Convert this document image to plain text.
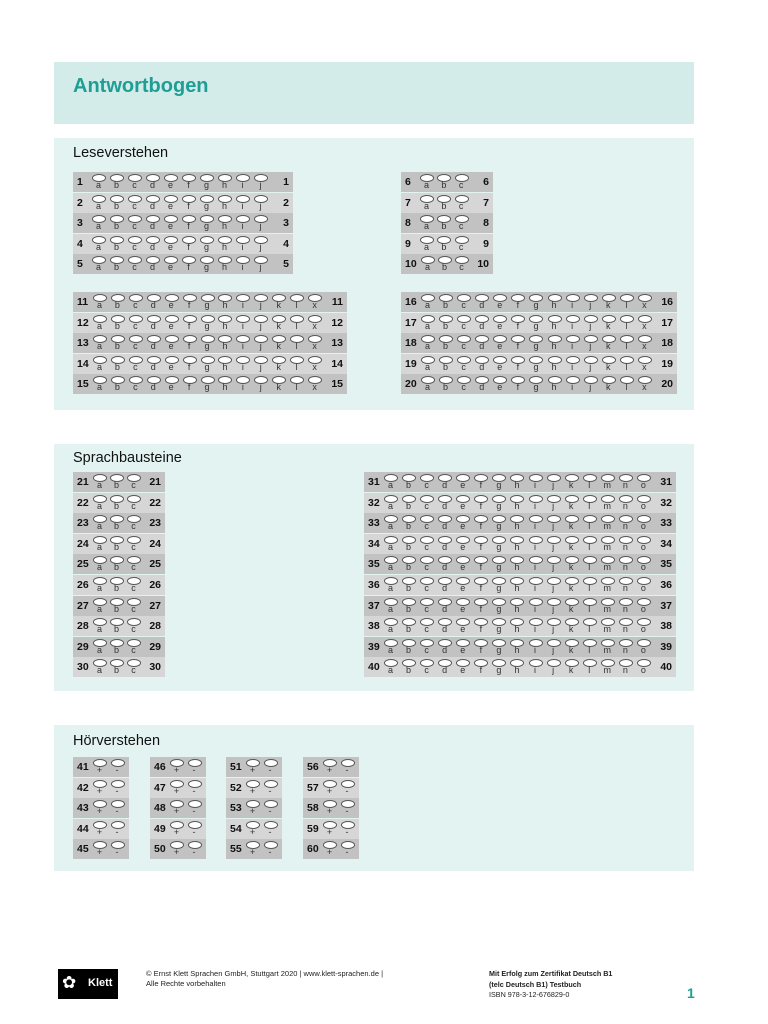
Antwortbogen
Leseverstehen
1	a	b	c	d	e	f	g	h	i	j	1
2	a	b	c	d	e	f	g	h	i	j	2
3	a	b	c	d	e	f	g	h	i	j	3
4	a	b	c	d	e	f	g	h	i	j	4
5	a	b	c	d	e	f	g	h	i	j	5
6	a	b	c	6
7	a	b	c	7
8	a	b	c	8
9	a	b	c	9
10 a	b	c	10
11 a	b	c	d	e	f	g	h	i	j	k	l	x	11
12 a	b	c	d	e	f	g	h	i	j	k	l	x	12
13 a	b	c	d	e	f	g	h	i	j	k	l	x	13
14 a	b	c	d	e	f	g	h	i	j	k	l	x	14
15 a	b	c	d	e	f	g	h	i	j	k	l	x	15
16 a	b	c	d	e	f	g	h	i	j	k	l	x	16
17 a	b	c	d	e	f	g	h	i	j	k	l	x	17
18 a	b	c	d	e	f	g	h	i	j	k	l	x	18
19 a	b	c	d	e	f	g	h	i	j	k	l	x	19
20 a	b	c	d	e	f	g	h	i	j	k	l	x	20
Sprachbausteine
21 a	b	c	21
22 a	b	c	22
23 a	b	c	23
24 a	b	c	24
25 a	b	c	25
26 a	b	c	26
27 a	b	c	27
28 a	b	c	28
29 a	b	c	29
30 a	b	c	30
31 a	b	c	d	e	f	g	h	i	j	k	l	m	n	o	31
32 a	b	c	d	e	f	g	h	i	j	k	l	m	n	o	32
33 a	b	c	d	e	f	g	h	i	j	k	l	m	n	o	33
34 a	b	c	d	e	f	g	h	i	j	k	l	m	n	o	34
35 a	b	c	d	e	f	g	h	i	j	k	l	m	n	o	35
36 a	b	c	d	e	f	g	h	i	j	k	l	m	n	o	36
37 a	b	c	d	e	f	g	h	i	j	k	l	m	n	o	37
38 a	b	c	d	e	f	g	h	i	j	k	l	m	n	o	38
39 a	b	c	d	e	f	g	h	i	j	k	l	m	n	o	39
40 a	b	c	d	e	f	g	h	i	j	k	l	m	n	o	40
Hörverstehen
41 +	-
42 +	-
43 +	-
44 +	-
45 +	-
46 +	-
47 +	-
48 +	-
49 +	-
50 +	-
51 +	-
52 +	-
53 +	-
54 +	-
55 +	-
56 +	-
57 +	-
58 +	-
59 +	-
60 +	-
✿ Klett
© Ernst Klett Sprachen GmbH, Stuttgart 2020 | www.klett-sprachen.de |
Alle Rechte vorbehalten
Mit Erfolg zum Zertifikat Deutsch B1
(telc Deutsch B1) Testbuch
ISBN 978-3-12-676829-0	1
